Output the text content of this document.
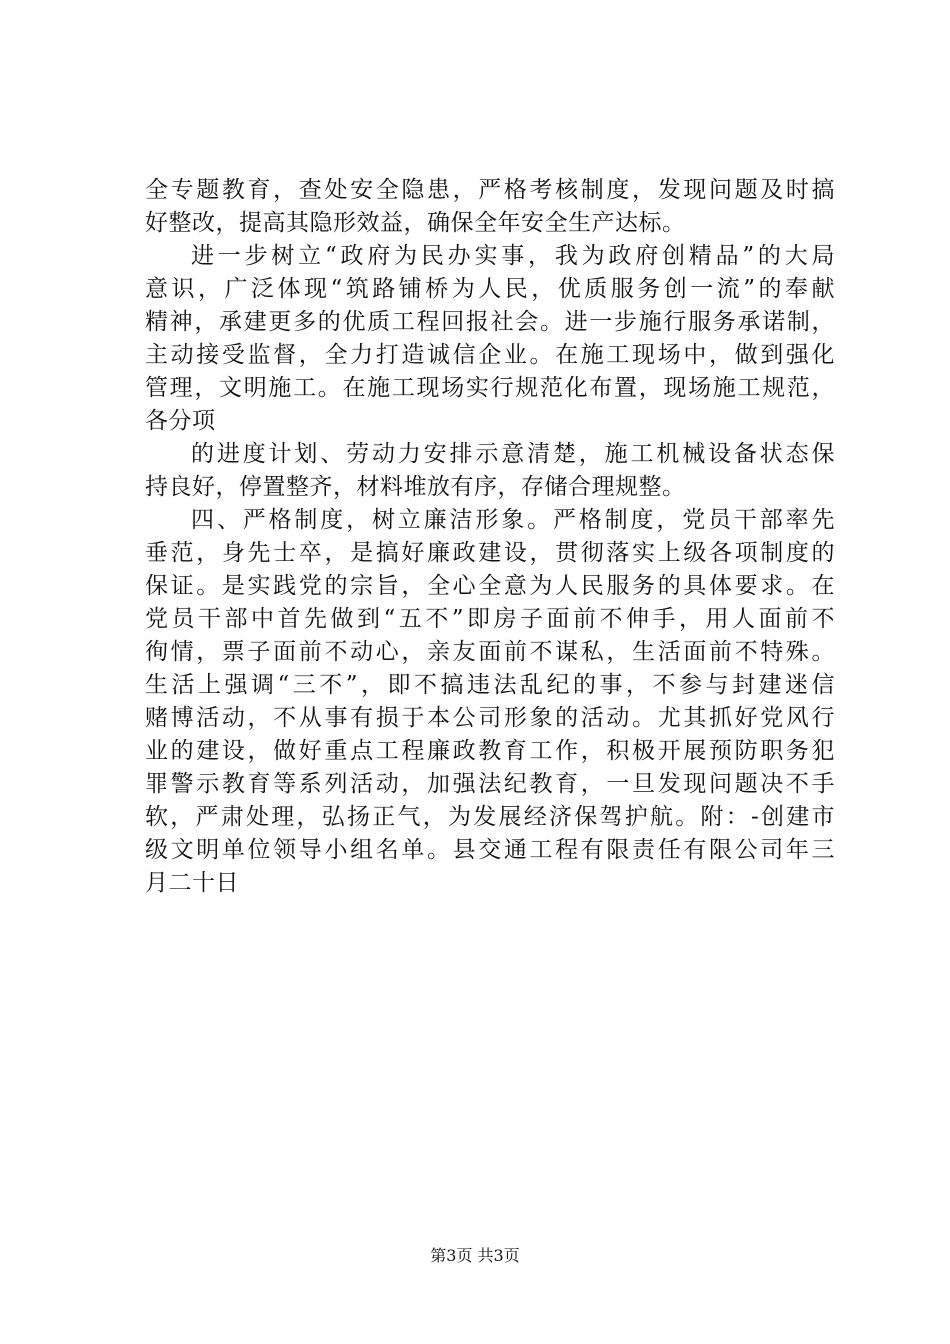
全专题教育，查处安全隐患，严格考核制度，发现问题及时搞
好整改，提高其隐形效益，确保全年安全生产达标。
进一步树立“政府为民办实事，我为政府创精品”的大局
意识，广泛体现“筑路铺桥为人民，优质服务创一流”的奉献
精神，承建更多的优质工程回报社会。进一步施行服务承诺制，
主动接受监督，全力打造诚信企业。在施工现场中，做到强化
管理，文明施工。在施工现场实行规范化布置，现场施工规范，
各分项
的进度计划、劳动力安排示意清楚，施工机械设备状态保
持良好，停置整齐，材料堆放有序，存储合理规整。
四、严格制度，树立廉洁形象。严格制度，党员干部率先
垂范，身先士卒，是搞好廉政建设，贯彻落实上级各项制度的
保证。是实践党的宗旨，全心全意为人民服务的具体要求。在
党员干部中首先做到“五不”即房子面前不伸手，用人面前不
徇情，票子面前不动心，亲友面前不谋私，生活面前不特殊。
生活上强调“三不”，即不搞违法乱纪的事，不参与封建迷信
赌博活动，不从事有损于本公司形象的活动。尤其抓好党风行
业的建设，做好重点工程廉政教育工作，积极开展预防职务犯
罪警示教育等系列活动，加强法纪教育，一旦发现问题决不手
软，严肃处理，弘扬正气，为发展经济保驾护航。附：-创建市
级文明单位领导小组名单。县交通工程有限责任有限公司年三
月二十日
第3页 共3页
